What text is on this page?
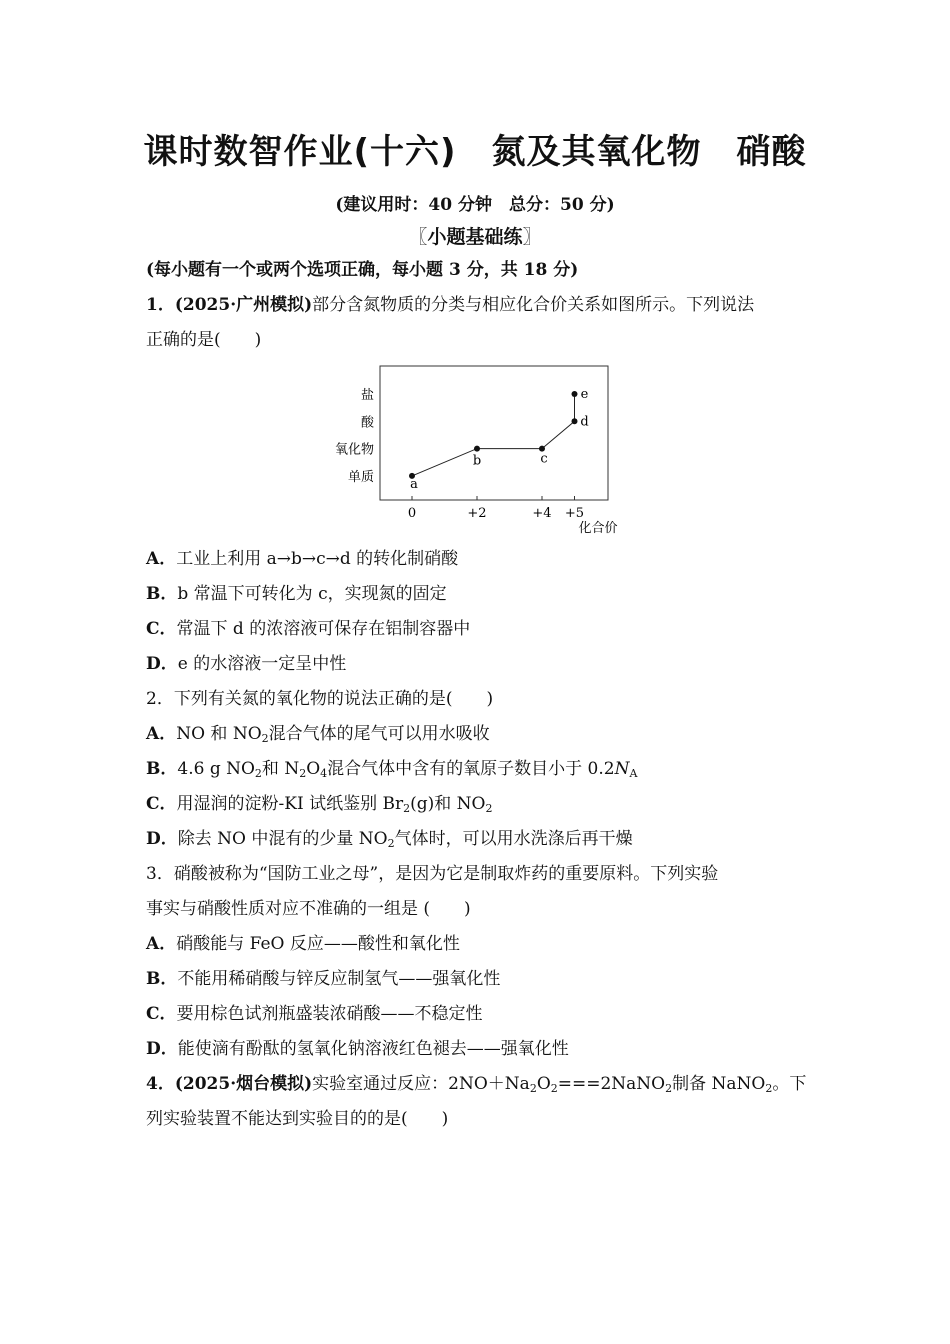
课时数智作业(十六)　氮及其氧化物　硝酸
(建议用时：40 分钟　总分：50 分)
〖小题基础练〗
(每小题有一个或两个选项正确，每小题 3 分，共 18 分)
1．(2025·广州模拟)部分含氮物质的分类与相应化合价关系如图所示。下列说法
正确的是(　　)
单质
氧化物
酸
盐
0	+2	+4 +5
a
b	c
d
e
化合价
A．工业上利用 a→b→c→d 的转化制硝酸
B．b 常温下可转化为 c，实现氮的固定
C．常温下 d 的浓溶液可保存在铝制容器中
D．e 的水溶液一定呈中性
2．下列有关氮的氧化物的说法正确的是(　　)
A．NO 和 $NO_2$混合气体的尾气可以用水吸收
B．4.6 g $NO_2$和 $N_2O_4$混合气体中含有的氧原子数目小于 $0.2N_A$
C．用湿润的淀粉-KI 试纸鉴别 $Br_2(g)$和 $NO_2$
D．除去 NO 中混有的少量 $NO_2$气体时，可以用水洗涤后再干燥
3．硝酸被称为“国防工业之母”，是因为它是制取炸药的重要原料。下列实验
事实与硝酸性质对应不准确的一组是 (　　)
A．硝酸能与 FeO 反应——酸性和氧化性
B．不能用稀硝酸与锌反应制氢气——强氧化性
C．要用棕色试剂瓶盛装浓硝酸——不稳定性
D．能使滴有酚酞的氢氧化钠溶液红色褪去——强氧化性
4．(2025·烟台模拟)实验室通过反应：$2NO+Na_2O_2===2NaNO_2$制备 NaNO$_2$。下
列实验装置不能达到实验目的的是(　　)
